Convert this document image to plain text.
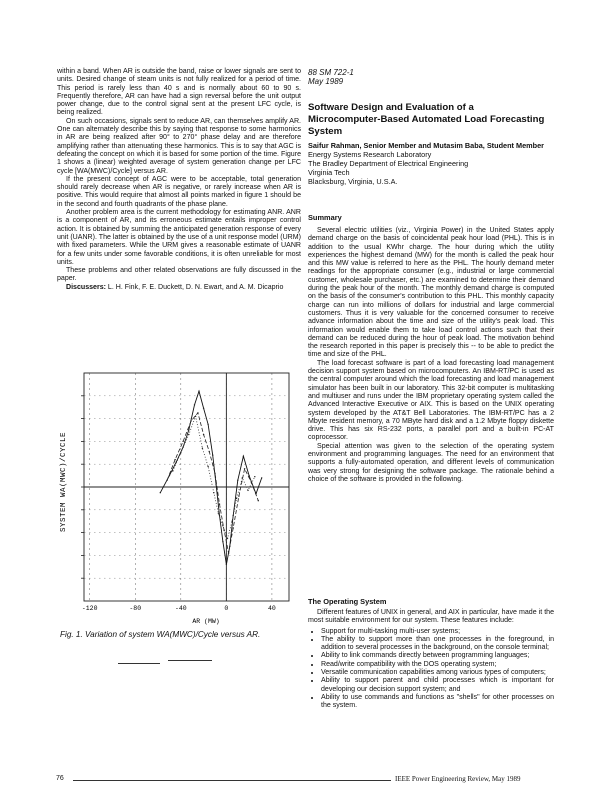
within a band. When AR is outside the band, raise or lower signals are sent to units. Desired change of steam units is not fully realized for a period of time. This period is rarely less than 40 s and is normally about 60 to 90 s. Frequently therefore, AR can have had a sign reversal before the unit output power change, due to the control signal sent at the present LFC cycle, is being realized.

On such occasions, signals sent to reduce AR, can themselves amplify AR. One can alternately describe this by saying that response to some harmonics in AR are being realized after 90° to 270° phase delay and are therefore amplifying rather than attenuating these harmonics. This is to say that AGC is defeating the concept on which it is based for some portion of the time. Figure 1 shows a (linear) weighted average of system generation change per LFC cycle [WA(MWC)/Cycle] versus AR.

If the present concept of AGC were to be acceptable, total generation should rarely decrease when AR is negative, or rarely increase when AR is positive. This would require that almost all points marked in figure 1 should be in the second and fourth quadrants of the phase plane.

Another problem area is the current methodology for estimating ANR. ANR is a component of AR, and its erroneous estimate entails improper control action. It is obtained by summing the anticipated generation response of every unit (UANR). The latter is obtained by the use of a unit response model (URM) with fixed parameters. While the URM gives a reasonable estimate of UANR for a few units under some favorable conditions, it is often unreliable for most units.

These problems and other related observations are fully discussed in the paper.

Discussers: L. H. Fink, F. E. Duckett, D. N. Ewart, and A. M. Dicaprio

-120	-80	-40	0	40
SYSTEM WA(MWC)/CYCLE
AR (MW)
Fig. 1. Variation of system WA(MWC)/Cycle versus AR.
88 SM 722-1
May 1989
Software Design and Evaluation of a Microcomputer-Based Automated Load Forecasting System
Saifur Rahman, Senior Member and Mutasim Baba, Student Member
Energy Systems Research Laboratory
The Bradley Department of Electrical Engineering
Virginia Tech
Blacksburg, Virginia, U.S.A.
Summary

Several electric utilities (viz., Virginia Power) in the United States apply demand charge on the basis of coincidental peak hour load (PHL). This is in addition to the usual KWhr charge. The hour during which the utility experiences the highest demand (MW) for the month is called the peak hour and this MW value is referred to here as the PHL. The hourly demand meter readings for the appropriate consumer (e.g., industrial or large commercial customer, wholesale purchaser, etc.) are examined to determine their demand during the peak hour of the month. The monthly demand charge is computed on the basis of the consumer's contribution to this PHL. This monthly capacity charge can run into millions of dollars for industrial and large commercial customers. Thus it is very valuable for the concerned consumer to receive advance information about the time and size of the utility's peak load. This information would enable them to take load control actions such that their demand can be reduced during the hour of peak load. The motivation behind the research reported in this paper is precisely this -- to be able to predict the time and size of the PHL.

The load forecast software is part of a load forecasting load management decision support system based on microcomputers. An IBM-RT/PC is used as the central computer around which the load forecasting and load management simulator has been built in our laboratory. This 32-bit computer is multitasking and multiuser and runs under the IBM proprietary operating system called the Advanced Interactive Executive or AIX. This is based on the UNIX operating system developed by the AT&T Bell Laboratories. The IBM-RT/PC has a 2 Mbyte resident memory, a 70 MByte hard disk and a 1.2 Mbyte floppy diskette drive. This has six RS-232 ports, a parallel port and a built-in PC-AT coprocessor.

Special attention was given to the selection of the operating system environment and programming languages. The need for an environment that supports a fully-automated operation, and different levels of communication was very strong for designing the software package. The rationale behind a choice of the software is provided in the following.

The Operating System

Different features of UNIX in general, and AIX in particular, have made it the most suitable environment for our system. These features include:

• Support for multi-tasking multi-user systems;
• The ability to support more than one processes in the foreground, in addition to several processes in the background, on the console terminal;
• Ability to link commands directly between programming languages;
• Read/write compatibility with the DOS operating system;
• Versatile communication capabilities among various types of computers;
• Ability to support parent and child processes which is important for developing our decision support system; and
• Ability to use commands and functions as "shells" for other processes on the system.
76	IEEE Power Engineering Review, May 1989
